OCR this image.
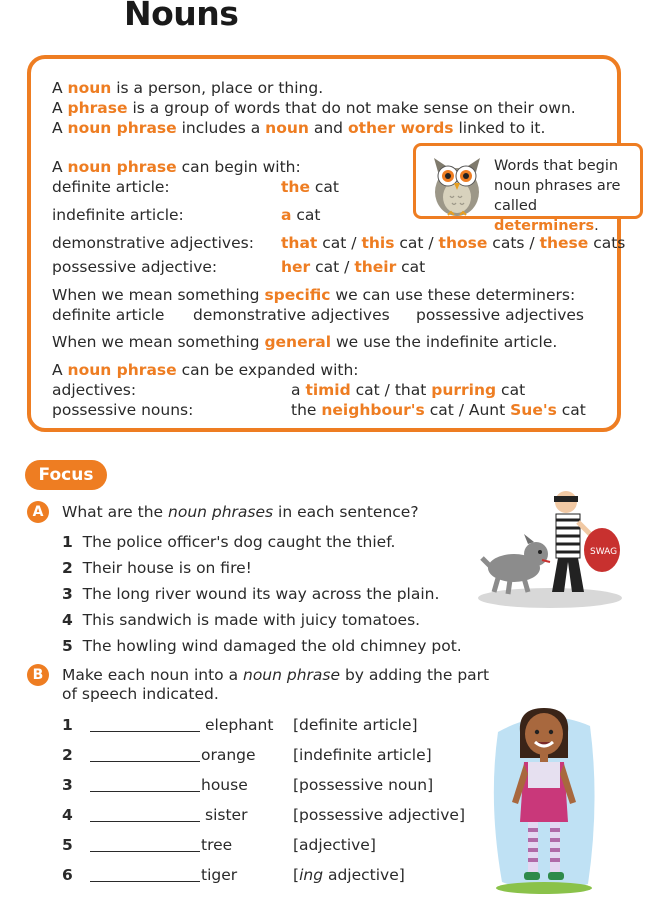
Nouns
A noun is a person, place or thing.
A phrase is a group of words that do not make sense on their own.
A noun phrase includes a noun and other words linked to it.
A noun phrase can begin with:
definite article:	the cat
indefinite article:	a cat
demonstrative adjectives: that cat / this cat / those cats / these cats
possessive adjective:	her cat / their cat
When we mean something specific we can use these determiners:
definite article demonstrative adjectives possessive adjectives
When we mean something general we use the indefinite article.
A noun phrase can be expanded with:
adjectives:	a timid cat / that purring cat
possessive nouns:	the neighbour's cat / Aunt Sue's cat
Words that begin
noun phrases are
called determiners.
Focus
A	What are the noun phrases in each sentence?
1 The police officer's dog caught the thief.
2 Their house is on fire!
3 The long river wound its way across the plain.
4 This sandwich is made with juicy tomatoes.
5 The howling wind damaged the old chimney pot.
SWAG
B	Make each noun into a noun phrase by adding the part
of speech indicated.
1	elephant [definite article]
2	orange [indefinite article]
3	house	[possessive noun]
4	sister	[possessive adjective]
5	tree	[adjective]
6	tiger	[ing adjective]
